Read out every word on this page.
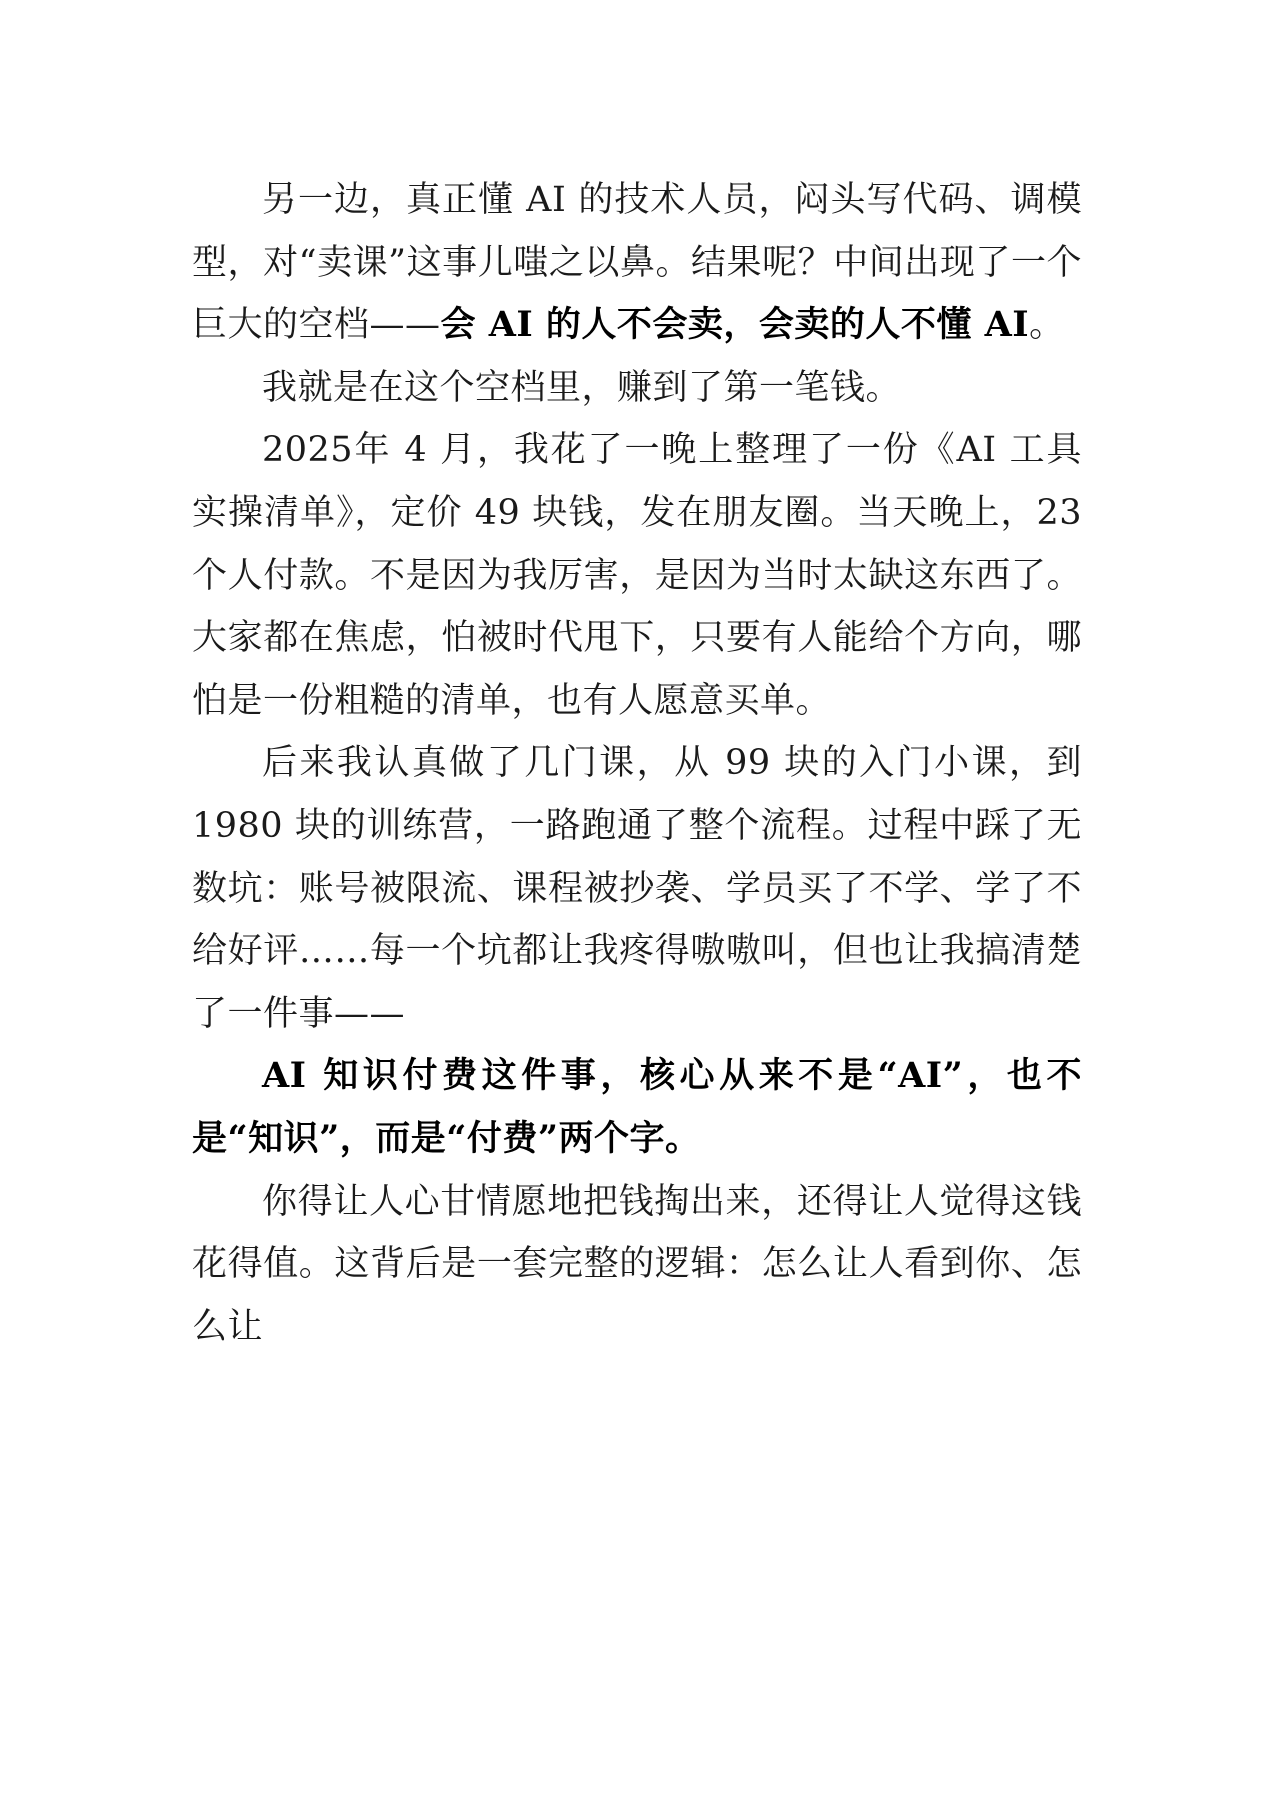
另一边，真正懂 AI 的技术人员，闷头写代码、调模型，对“卖课”这事儿嗤之以鼻。结果呢？中间出现了一个巨大的空档——会 AI 的人不会卖，会卖的人不懂 AI。

我就是在这个空档里，赚到了第一笔钱。

2025年 4 月，我花了一晚上整理了一份《AI 工具实操清单》，定价 49 块钱，发在朋友圈。当天晚上，23 个人付款。不是因为我厉害，是因为当时太缺这东西了。大家都在焦虑，怕被时代甩下，只要有人能给个方向，哪怕是一份粗糙的清单，也有人愿意买单。

后来我认真做了几门课，从 99 块的入门小课，到 1980 块的训练营，一路跑通了整个流程。过程中踩了无数坑：账号被限流、课程被抄袭、学员买了不学、学了不给好评……每一个坑都让我疼得嗷嗷叫，但也让我搞清楚了一件事——

AI 知识付费这件事，核心从来不是“AI”，也不是“知识”，而是“付费”两个字。

你得让人心甘情愿地把钱掏出来，还得让人觉得这钱花得值。这背后是一套完整的逻辑：怎么让人看到你、怎么让
